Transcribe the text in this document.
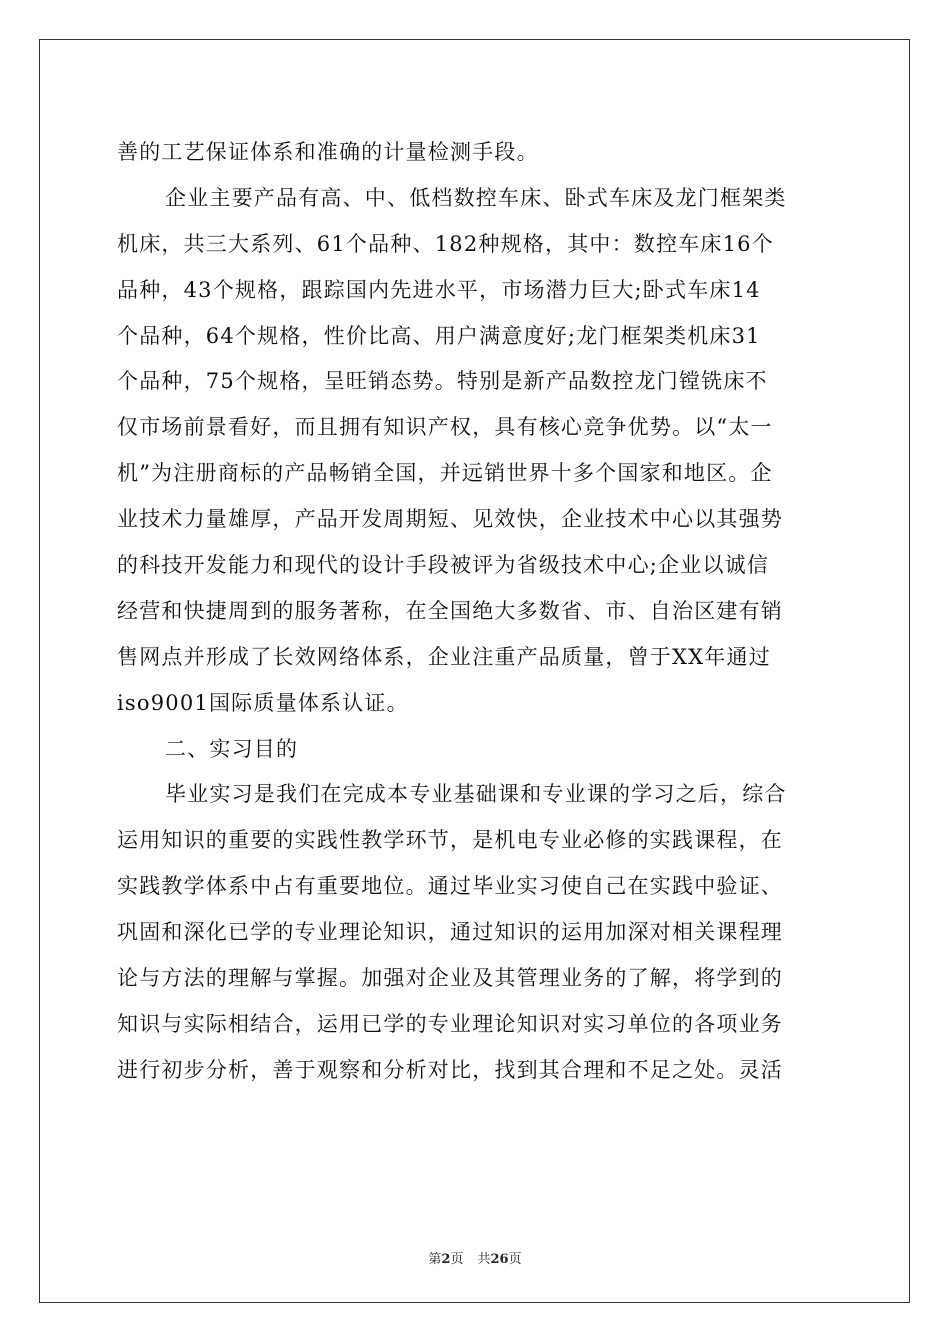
善的工艺保证体系和准确的计量检测手段。
企业主要产品有高、中、低档数控车床、卧式车床及龙门框架类
机床，共三大系列、61个品种、182种规格，其中：数控车床16个
品种，43个规格，跟踪国内先进水平，市场潜力巨大;卧式车床14
个品种，64个规格，性价比高、用户满意度好;龙门框架类机床31
个品种，75个规格，呈旺销态势。特别是新产品数控龙门镗铣床不
仅市场前景看好，而且拥有知识产权，具有核心竞争优势。以“太一
机”为注册商标的产品畅销全国，并远销世界十多个国家和地区。企
业技术力量雄厚，产品开发周期短、见效快，企业技术中心以其强势
的科技开发能力和现代的设计手段被评为省级技术中心;企业以诚信
经营和快捷周到的服务著称，在全国绝大多数省、市、自治区建有销
售网点并形成了长效网络体系，企业注重产品质量，曾于XX年通过
iso9001国际质量体系认证。
二、实习目的
毕业实习是我们在完成本专业基础课和专业课的学习之后，综合
运用知识的重要的实践性教学环节，是机电专业必修的实践课程，在
实践教学体系中占有重要地位。通过毕业实习使自己在实践中验证、
巩固和深化已学的专业理论知识，通过知识的运用加深对相关课程理
论与方法的理解与掌握。加强对企业及其管理业务的了解，将学到的
知识与实际相结合，运用已学的专业理论知识对实习单位的各项业务
进行初步分析，善于观察和分析对比，找到其合理和不足之处。灵活
第2页 共26页
